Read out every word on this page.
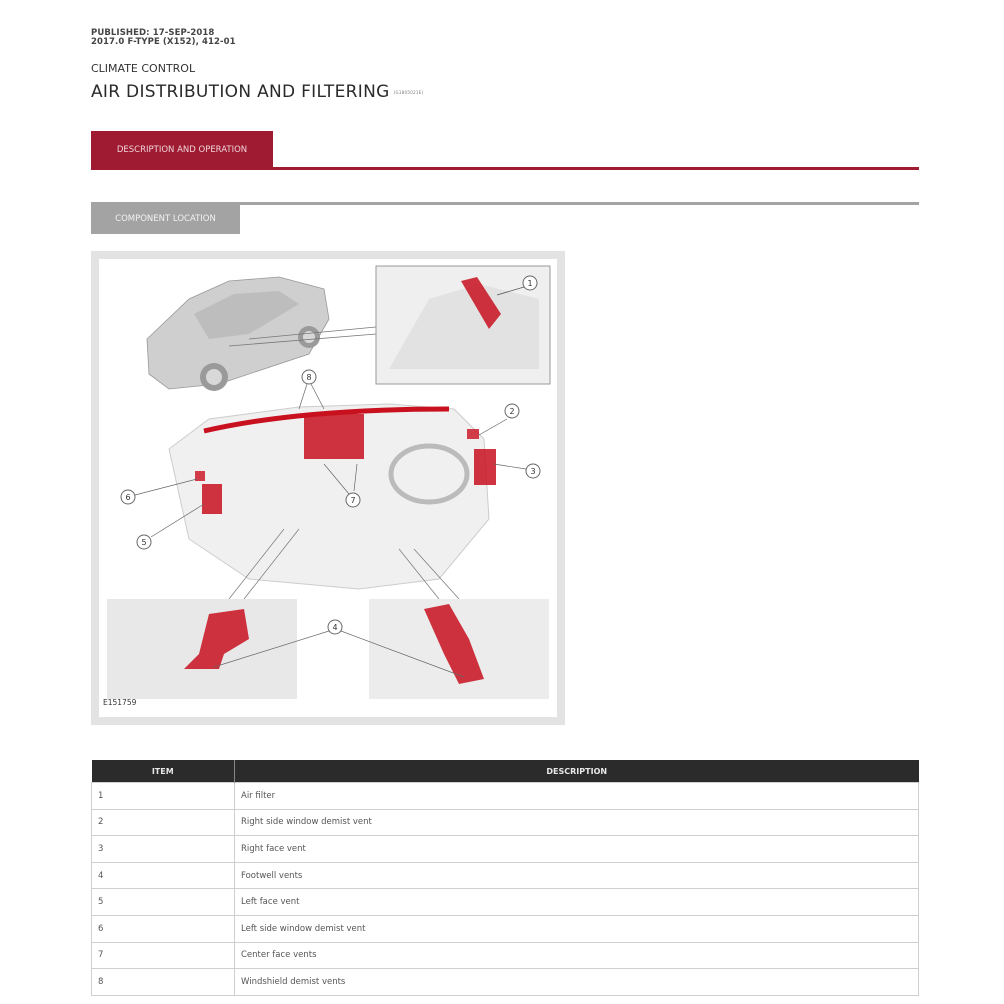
PUBLISHED: 17-SEP-2018
2017.0 F-TYPE (X152), 412-01
CLIMATE CONTROL
AIR DISTRIBUTION AND FILTERING (G1805021E)
DESCRIPTION AND OPERATION
COMPONENT LOCATION
1
8
2
3
7
6
5
4
E151759
ITEM	DESCRIPTION
1	Air filter
2	Right side window demist vent
3	Right face vent
4	Footwell vents
5	Left face vent
6	Left side window demist vent
7	Center face vents
8	Windshield demist vents
